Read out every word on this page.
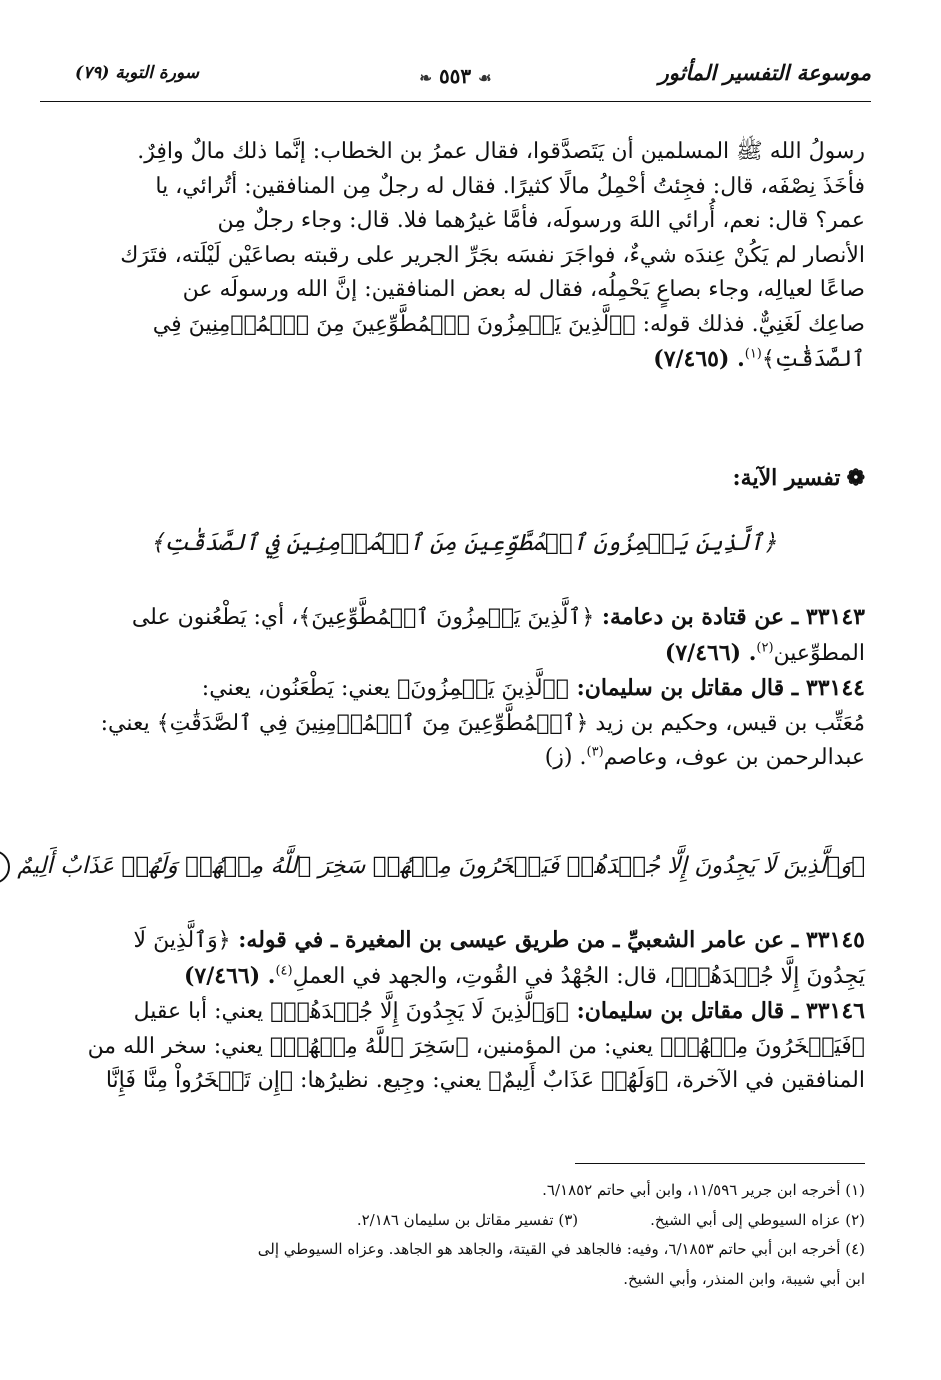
موسوعة التفسير المأثور
☙ ٥٥٣ ❧
سورة التوبة (٧٩)

رسولُ الله ﷺ المسلمين أن يَتَصدَّقوا، فقال عمرُ بن الخطاب: إنَّما ذلك مالٌ وافِرٌ.

فأخَذَ نِصْفَه، قال: فجِئتُ أحْمِلُ مالًا كثيرًا. فقال له رجلٌ مِن المنافقين: أتُرائي، يا

عمر؟ قال: نعم، أُرائي اللهَ ورسولَه، فأمَّا غيرُهما فلا. قال: وجاء رجلٌ مِن

الأنصار لم يَكُنْ عِندَه شيءٌ، فواجَرَ نفسَه بجَرِّ الجرير على رقبته بصاعَيْن لَيْلَته، فتَرَك

صاعًا لعيالِه، وجاء بصاعٍ يَحْمِلُه، فقال له بعض المنافقين: إنَّ الله ورسولَه عن

صاعِك لَغَنِيٌّ. فذلك قوله: ﴿ٱلَّذِينَ يَلۡمِزُونَ ٱلۡمُطَّوِّعِينَ مِنَ ٱلۡمُؤۡمِنِينَ فِي

ٱلصَّدَقَٰتِ﴾$^{(١)}$. (٧/٤٦٥)

❁تفسير الآية:
﴿ٱلَّذِينَ يَلۡمِزُونَ ٱلۡمُطَّوِّعِينَ مِنَ ٱلۡمُؤۡمِنِينَ فِي ٱلصَّدَقَٰتِ﴾

٣٣١٤٣ ـ عن قتادة بن دعامة: ﴿ٱلَّذِينَ يَلۡمِزُونَ ٱلۡمُطَّوِّعِينَ﴾، أي: يَطْعُنون على

المطوِّعين$^{(٢)}$. (٧/٤٦٦)

٣٣١٤٤ ـ قال مقاتل بن سليمان: ﴿ٱلَّذِينَ يَلۡمِزُونَ﴾ يعني: يَطْعَنُون، يعني:

مُعَتِّب بن قيس، وحكيم بن زيد ﴿ٱلۡمُطَّوِّعِينَ مِنَ ٱلۡمُؤۡمِنِينَ فِي ٱلصَّدَقَٰتِ﴾ يعني:

عبدالرحمن بن عوف، وعاصم$^{(٣)}$. (ز)

﴿وَٱلَّذِينَ لَا يَجِدُونَ إِلَّا جُهۡدَهُمۡ فَيَسۡخَرُونَ مِنۡهُمۡ سَخِرَ ٱللَّهُ مِنۡهُمۡ وَلَهُمۡ عَذَابٌ أَلِيمٌ

٣٣١٤٥ ـ عن عامر الشعبيِّ ـ من طريق عيسى بن المغيرة ـ في قوله: ﴿وَٱلَّذِينَ لَا

يَجِدُونَ إِلَّا جُهۡدَهُمۡ﴾، قال: الجُهْدُ في القُوتِ، والجهد في العملِ$^{(٤)}$. (٧/٤٦٦)

٣٣١٤٦ ـ قال مقاتل بن سليمان: ﴿وَٱلَّذِينَ لَا يَجِدُونَ إِلَّا جُهۡدَهُمۡ﴾ يعني: أبا عقيل

﴿فَيَسۡخَرُونَ مِنۡهُمۡ﴾ يعني: من المؤمنين، ﴿سَخِرَ ٱللَّهُ مِنۡهُمۡ﴾ يعني: سخر الله من

المنافقين في الآخرة، ﴿وَلَهُمۡ عَذَابٌ أَلِيمٌ﴾ يعني: وجِيع. نظيرُها: ﴿إِن تَسۡخَرُواْ مِنَّا فَإِنَّا

(١) أخرجه ابن جرير ١١/٥٩٦، وابن أبي حاتم ٦/١٨٥٢.

(٢) عزاه السيوطي إلى أبي الشيخ.
(٣) تفسير مقاتل بن سليمان ٢/١٨٦.

(٤) أخرجه ابن أبي حاتم ٦/١٨٥٣، وفيه: فالجاهد في القيتة، والجاهد هو الجاهد. وعزاه السيوطي إلى

ابن أبي شيبة، وابن المنذر، وأبي الشيخ.
